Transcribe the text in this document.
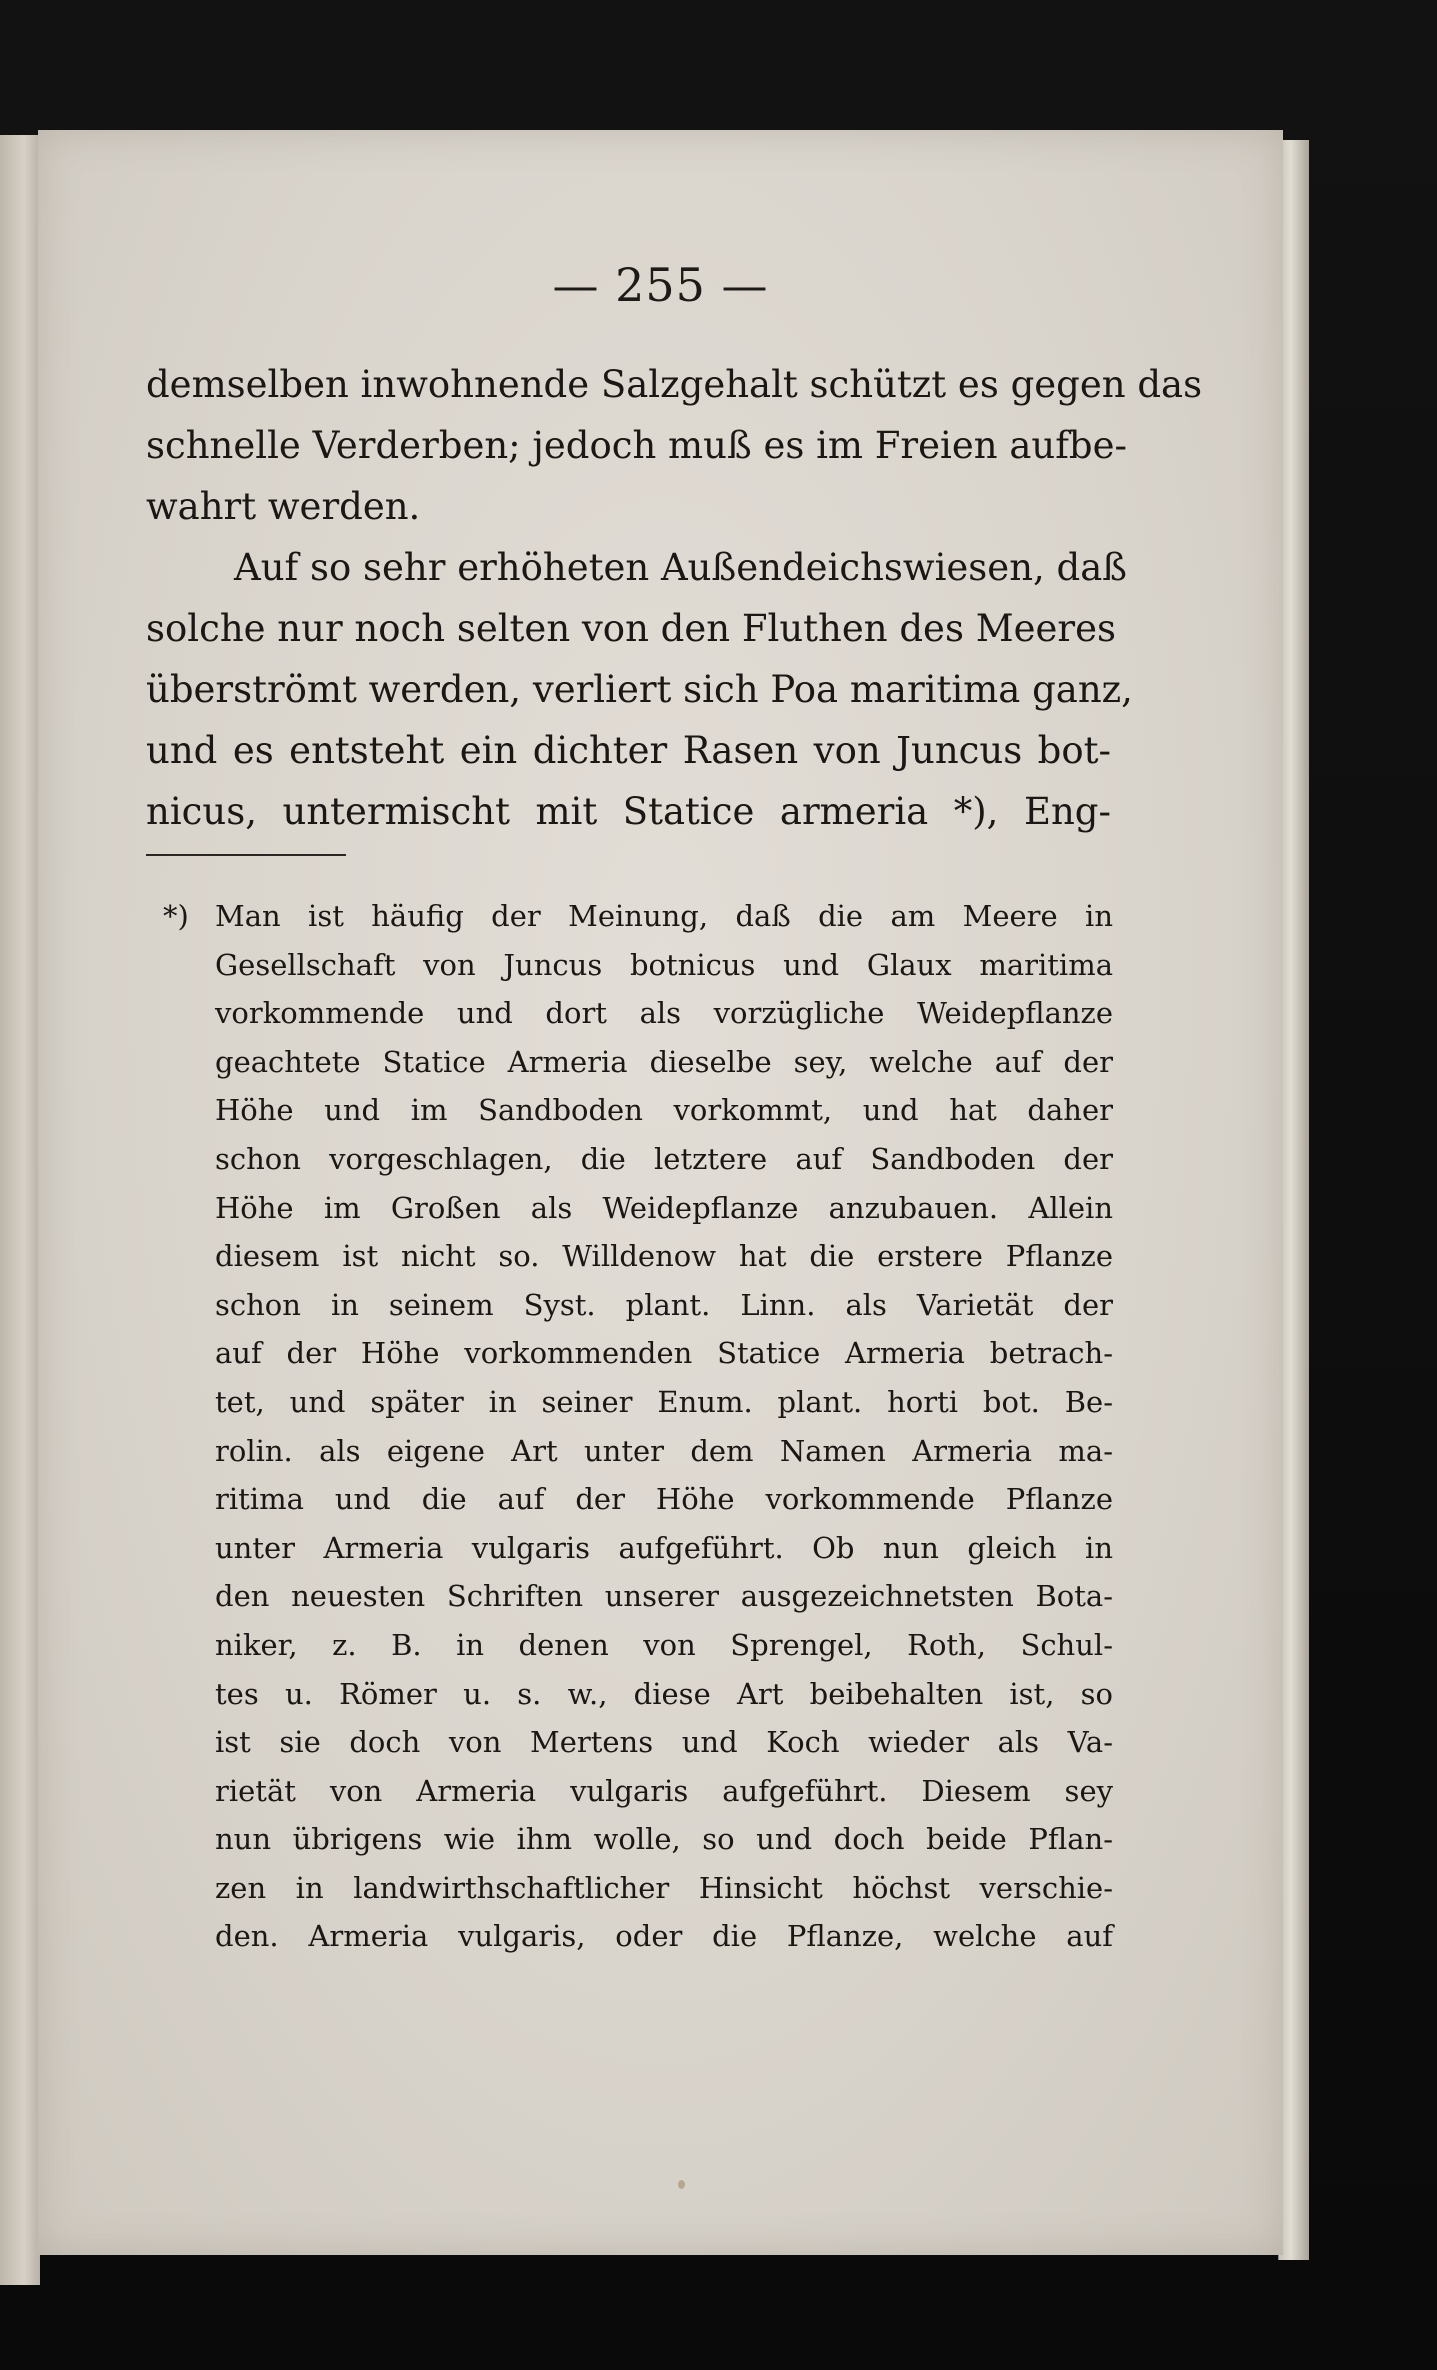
— 255 —
demselben inwohnende Salzgehalt schützt es gegen das
schnelle Verderben; jedoch muß es im Freien aufbe-
wahrt werden.
Auf so sehr erhöheten Außendeichswiesen, daß
solche nur noch selten von den Fluthen des Meeres
überströmt werden, verliert sich Poa maritima ganz,
und es entsteht ein dichter Rasen von Juncus bot-
nicus, untermischt mit Statice armeria *), Eng-
*) Man ist häufig der Meinung, daß die am Meere in
Gesellschaft von Juncus botnicus und Glaux maritima
vorkommende und dort als vorzügliche Weidepflanze
geachtete Statice Armeria dieselbe sey, welche auf der
Höhe und im Sandboden vorkommt, und hat daher
schon vorgeschlagen, die letztere auf Sandboden der
Höhe im Großen als Weidepflanze anzubauen. Allein
diesem ist nicht so. Willdenow hat die erstere Pflanze
schon in seinem Syst. plant. Linn. als Varietät der
auf der Höhe vorkommenden Statice Armeria betrach-
tet, und später in seiner Enum. plant. horti bot. Be-
rolin. als eigene Art unter dem Namen Armeria ma-
ritima und die auf der Höhe vorkommende Pflanze
unter Armeria vulgaris aufgeführt. Ob nun gleich in
den neuesten Schriften unserer ausgezeichnetsten Bota-
niker, z. B. in denen von Sprengel, Roth, Schul-
tes u. Römer u. s. w., diese Art beibehalten ist, so
ist sie doch von Mertens und Koch wieder als Va-
rietät von Armeria vulgaris aufgeführt. Diesem sey
nun übrigens wie ihm wolle, so und doch beide Pflan-
zen in landwirthschaftlicher Hinsicht höchst verschie-
den. Armeria vulgaris, oder die Pflanze, welche auf
